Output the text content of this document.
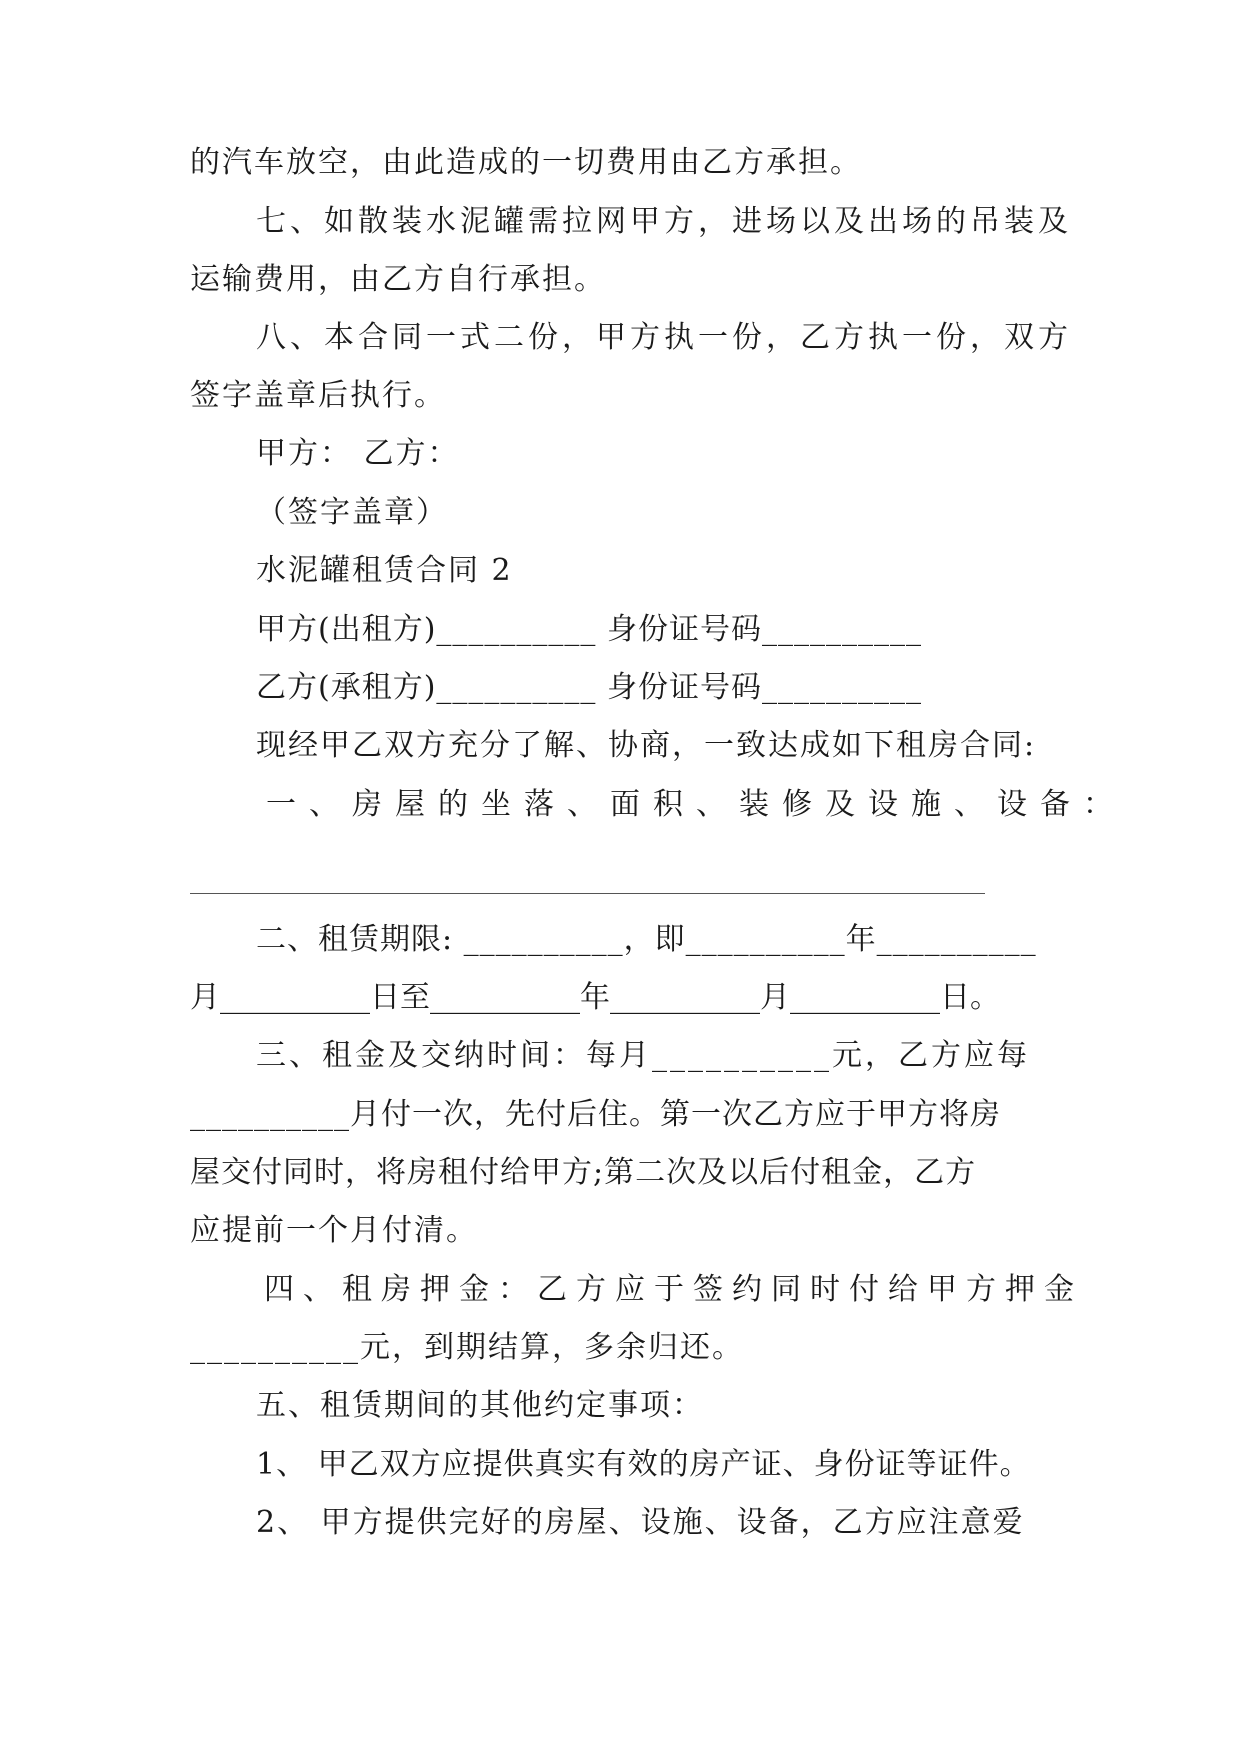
的汽车放空，由此造成的一切费用由乙方承担。
七、如散装水泥罐需拉网甲方，进场以及出场的吊装及
运输费用，由乙方自行承担。
八、本合同一式二份，甲方执一份，乙方执一份，双方
签字盖章后执行。
甲方： 乙方：
（签字盖章）
水泥罐租赁合同 2
甲方(出租方)__________ 身份证号码__________
乙方(承租方)__________ 身份证号码__________
现经甲乙双方充分了解、协商，一致达成如下租房合同:
一、房屋的坐落、面积、装修及设施、设备：
二、租赁期限: __________，即__________年__________
月__________日至__________年__________月__________日。
三、租金及交纳时间：每月__________元，乙方应每
__________月付一次，先付后住。第一次乙方应于甲方将房
屋交付同时，将房租付给甲方;第二次及以后付租金，乙方
应提前一个月付清。
四、租房押金：乙方应于签约同时付给甲方押金
__________元，到期结算，多余归还。
五、租赁期间的其他约定事项：
1、 甲乙双方应提供真实有效的房产证、身份证等证件。
2、 甲方提供完好的房屋、设施、设备，乙方应注意爱
